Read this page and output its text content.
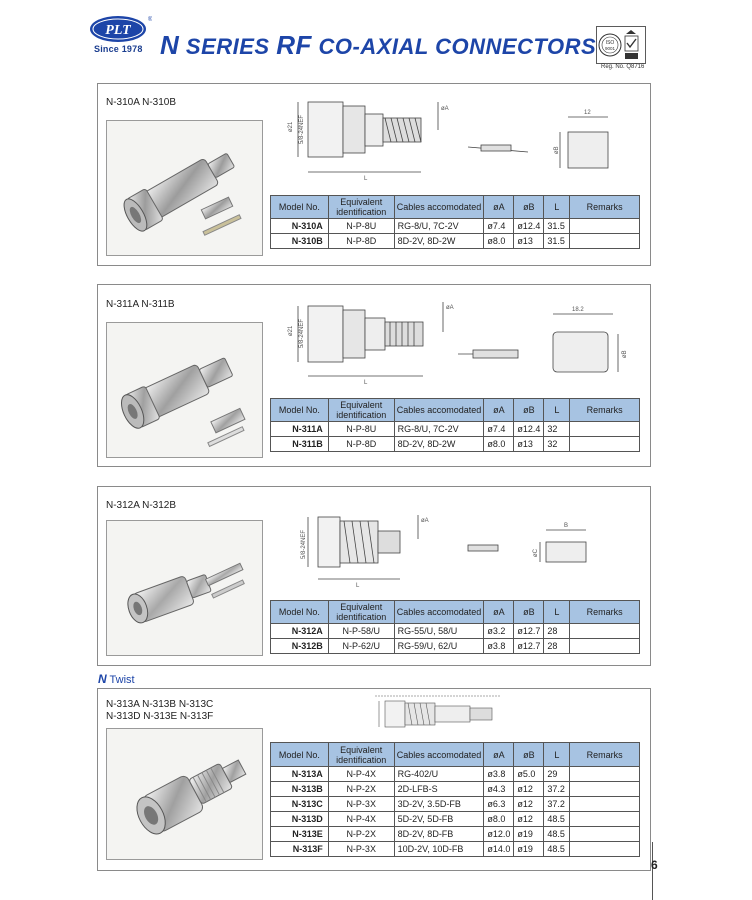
PLT
®
Since 1978 N SERIES RF CO-AXIAL CONNECTORS ISO
9001
Reg. No. Q8716
N-310A N-310B
ø21 5/8-24NEF
L
øA
12
øB
Model No.	Equivalent identification	Cables accomodated	øA	øB	L	Remarks
N-310A	N-P-8U	RG-8/U, 7C-2V	ø7.4	ø12.4	31.5	
N-310B	N-P-8D	8D-2V, 8D-2W	ø8.0	ø13	31.5	
N-311A N-311B
ø21 5/8-24NEF
L
øA	18.2
øB
Model No.	Equivalent identification	Cables accomodated	øA	øB	L	Remarks
N-311A	N-P-8U	RG-8/U, 7C-2V	ø7.4	ø12.4	32	
N-311B	N-P-8D	8D-2V, 8D-2W	ø8.0	ø13	32	
N-312A N-312B
5/8-24NEF
L
øA
B
øC
Model No.	Equivalent identification	Cables accomodated	øA	øB	L	Remarks
N-312A	N-P-58/U	RG-55/U, 58/U	ø3.2	ø12.7	28	
N-312B	N-P-62/U	RG-59/U, 62/U	ø3.8	ø12.7	28	
N Twist
N-313A N-313B N-313C
N-313D N-313E N-313F
Model No.	Equivalent identification	Cables accomodated	øA	øB	L	Remarks
N-313A	N-P-4X	RG-402/U	ø3.8	ø5.0	29	
N-313B	N-P-2X	2D-LFB-S	ø4.3	ø12	37.2	
N-313C	N-P-3X	3D-2V, 3.5D-FB	ø6.3	ø12	37.2	
N-313D	N-P-4X	5D-2V, 5D-FB	ø8.0	ø12	48.5	
N-313E	N-P-2X	8D-2V, 8D-FB	ø12.0	ø19	48.5	
N-313F	N-P-3X	10D-2V, 10D-FB	ø14.0	ø19	48.5	
6
